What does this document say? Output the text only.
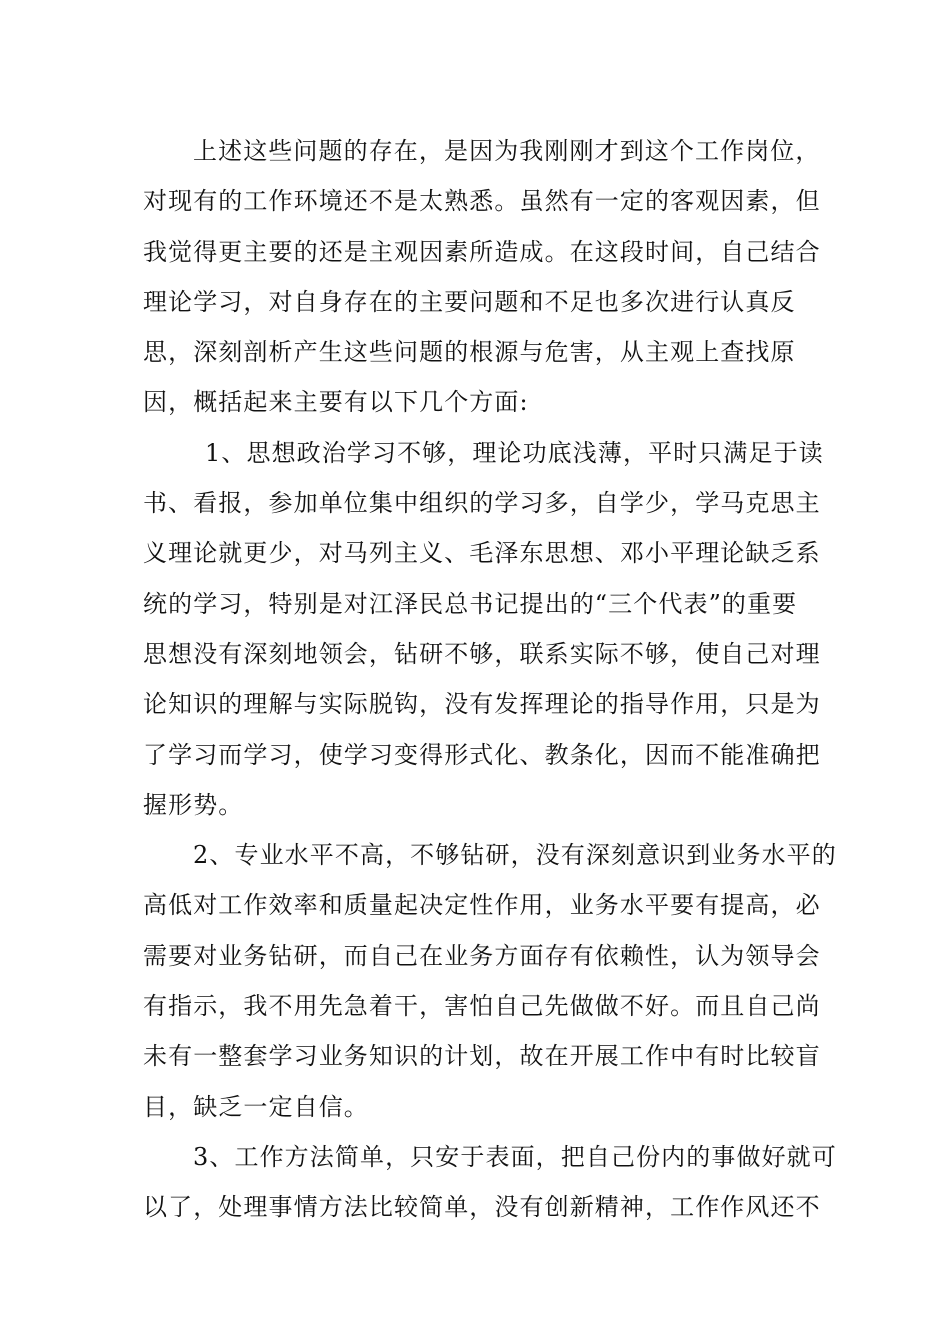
上述这些问题的存在，是因为我刚刚才到这个工作岗位，
对现有的工作环境还不是太熟悉。虽然有一定的客观因素，但
我觉得更主要的还是主观因素所造成。在这段时间，自己结合
理论学习，对自身存在的主要问题和不足也多次进行认真反
思，深刻剖析产生这些问题的根源与危害，从主观上查找原
因，概括起来主要有以下几个方面:
1、思想政治学习不够，理论功底浅薄，平时只满足于读
书、看报，参加单位集中组织的学习多，自学少，学马克思主
义理论就更少，对马列主义、毛泽东思想、邓小平理论缺乏系
统的学习，特别是对江泽民总书记提出的“三个代表”的重要
思想没有深刻地领会，钻研不够，联系实际不够，使自己对理
论知识的理解与实际脱钩，没有发挥理论的指导作用，只是为
了学习而学习，使学习变得形式化、教条化，因而不能准确把
握形势。
2、专业水平不高，不够钻研，没有深刻意识到业务水平的
高低对工作效率和质量起决定性作用，业务水平要有提高，必
需要对业务钻研，而自己在业务方面存有依赖性，认为领导会
有指示，我不用先急着干，害怕自己先做做不好。而且自己尚
未有一整套学习业务知识的计划，故在开展工作中有时比较盲
目，缺乏一定自信。
3、工作方法简单，只安于表面，把自己份内的事做好就可
以了，处理事情方法比较简单，没有创新精神，工作作风还不
